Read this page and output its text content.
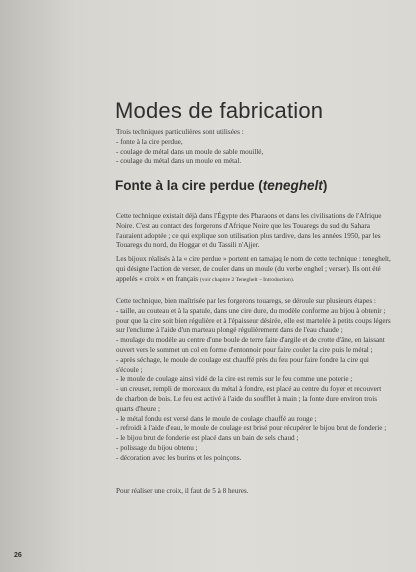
Modes de fabrication
Trois techniques particulières sont utilisées :
- fonte à la cire perdue,
- coulage de métal dans un moule de sable mouillé,
- coulage du métal dans un moule en métal.
Fonte à la cire perdue (teneghelt)
Cette technique existait déjà dans l'Égypte des Pharaons et dans les civilisations de l'Afrique
Noire. C'est au contact des forgerons d'Afrique Noire que les Touaregs du sud du Sahara
l'auraient adoptée ; ce qui explique son utilisation plus tardive, dans les années 1950, par les
Touaregs du nord, du Hoggar et du Tassili n'Ajjer.
Les bijoux réalisés à la « cire perdue » portent en tamajaq le nom de cette technique : teneghelt,
qui désigne l'action de verser, de couler dans un moule (du verbe enghel ; verser). Ils ont été
appelés « croix » en français (voir chapitre 2 Teneghelt – Introduction).
Cette technique, bien maîtrisée par les forgerons touaregs, se déroule sur plusieurs étapes :
- taille, au couteau et à la spatule, dans une cire dure, du modèle conforme au bijou à obtenir ;
pour que la cire soit bien régulière et à l'épaisseur désirée, elle est martelée à petits coups légers
sur l'enclume à l'aide d'un marteau plongé régulièrement dans de l'eau chaude ;
- moulage du modèle au centre d'une boule de terre faite d'argile et de crotte d'âne, en laissant
ouvert vers le sommet un col en forme d'entonnoir pour faire couler la cire puis le métal ;
- après séchage, le moule de coulage est chauffé près du feu pour faire fondre la cire qui
s'écoule ;
- le moule de coulage ainsi vidé de la cire est remis sur le feu comme une poterie ;
- un creuset, rempli de morceaux du métal à fondre, est placé au centre du foyer et recouvert
de charbon de bois. Le feu est activé à l'aide du soufflet à main ; la fonte dure environ trois
quarts d'heure ;
- le métal fondu est versé dans le moule de coulage chauffé au rouge ;
- refroidi à l'aide d'eau, le moule de coulage est brisé pour récupérer le bijou brut de fonderie ;
- le bijou brut de fonderie est placé dans un bain de sels chaud ;
- polissage du bijou obtenu ;
- décoration avec les burins et les poinçons.
Pour réaliser une croix, il faut de 5 à 8 heures.
26
